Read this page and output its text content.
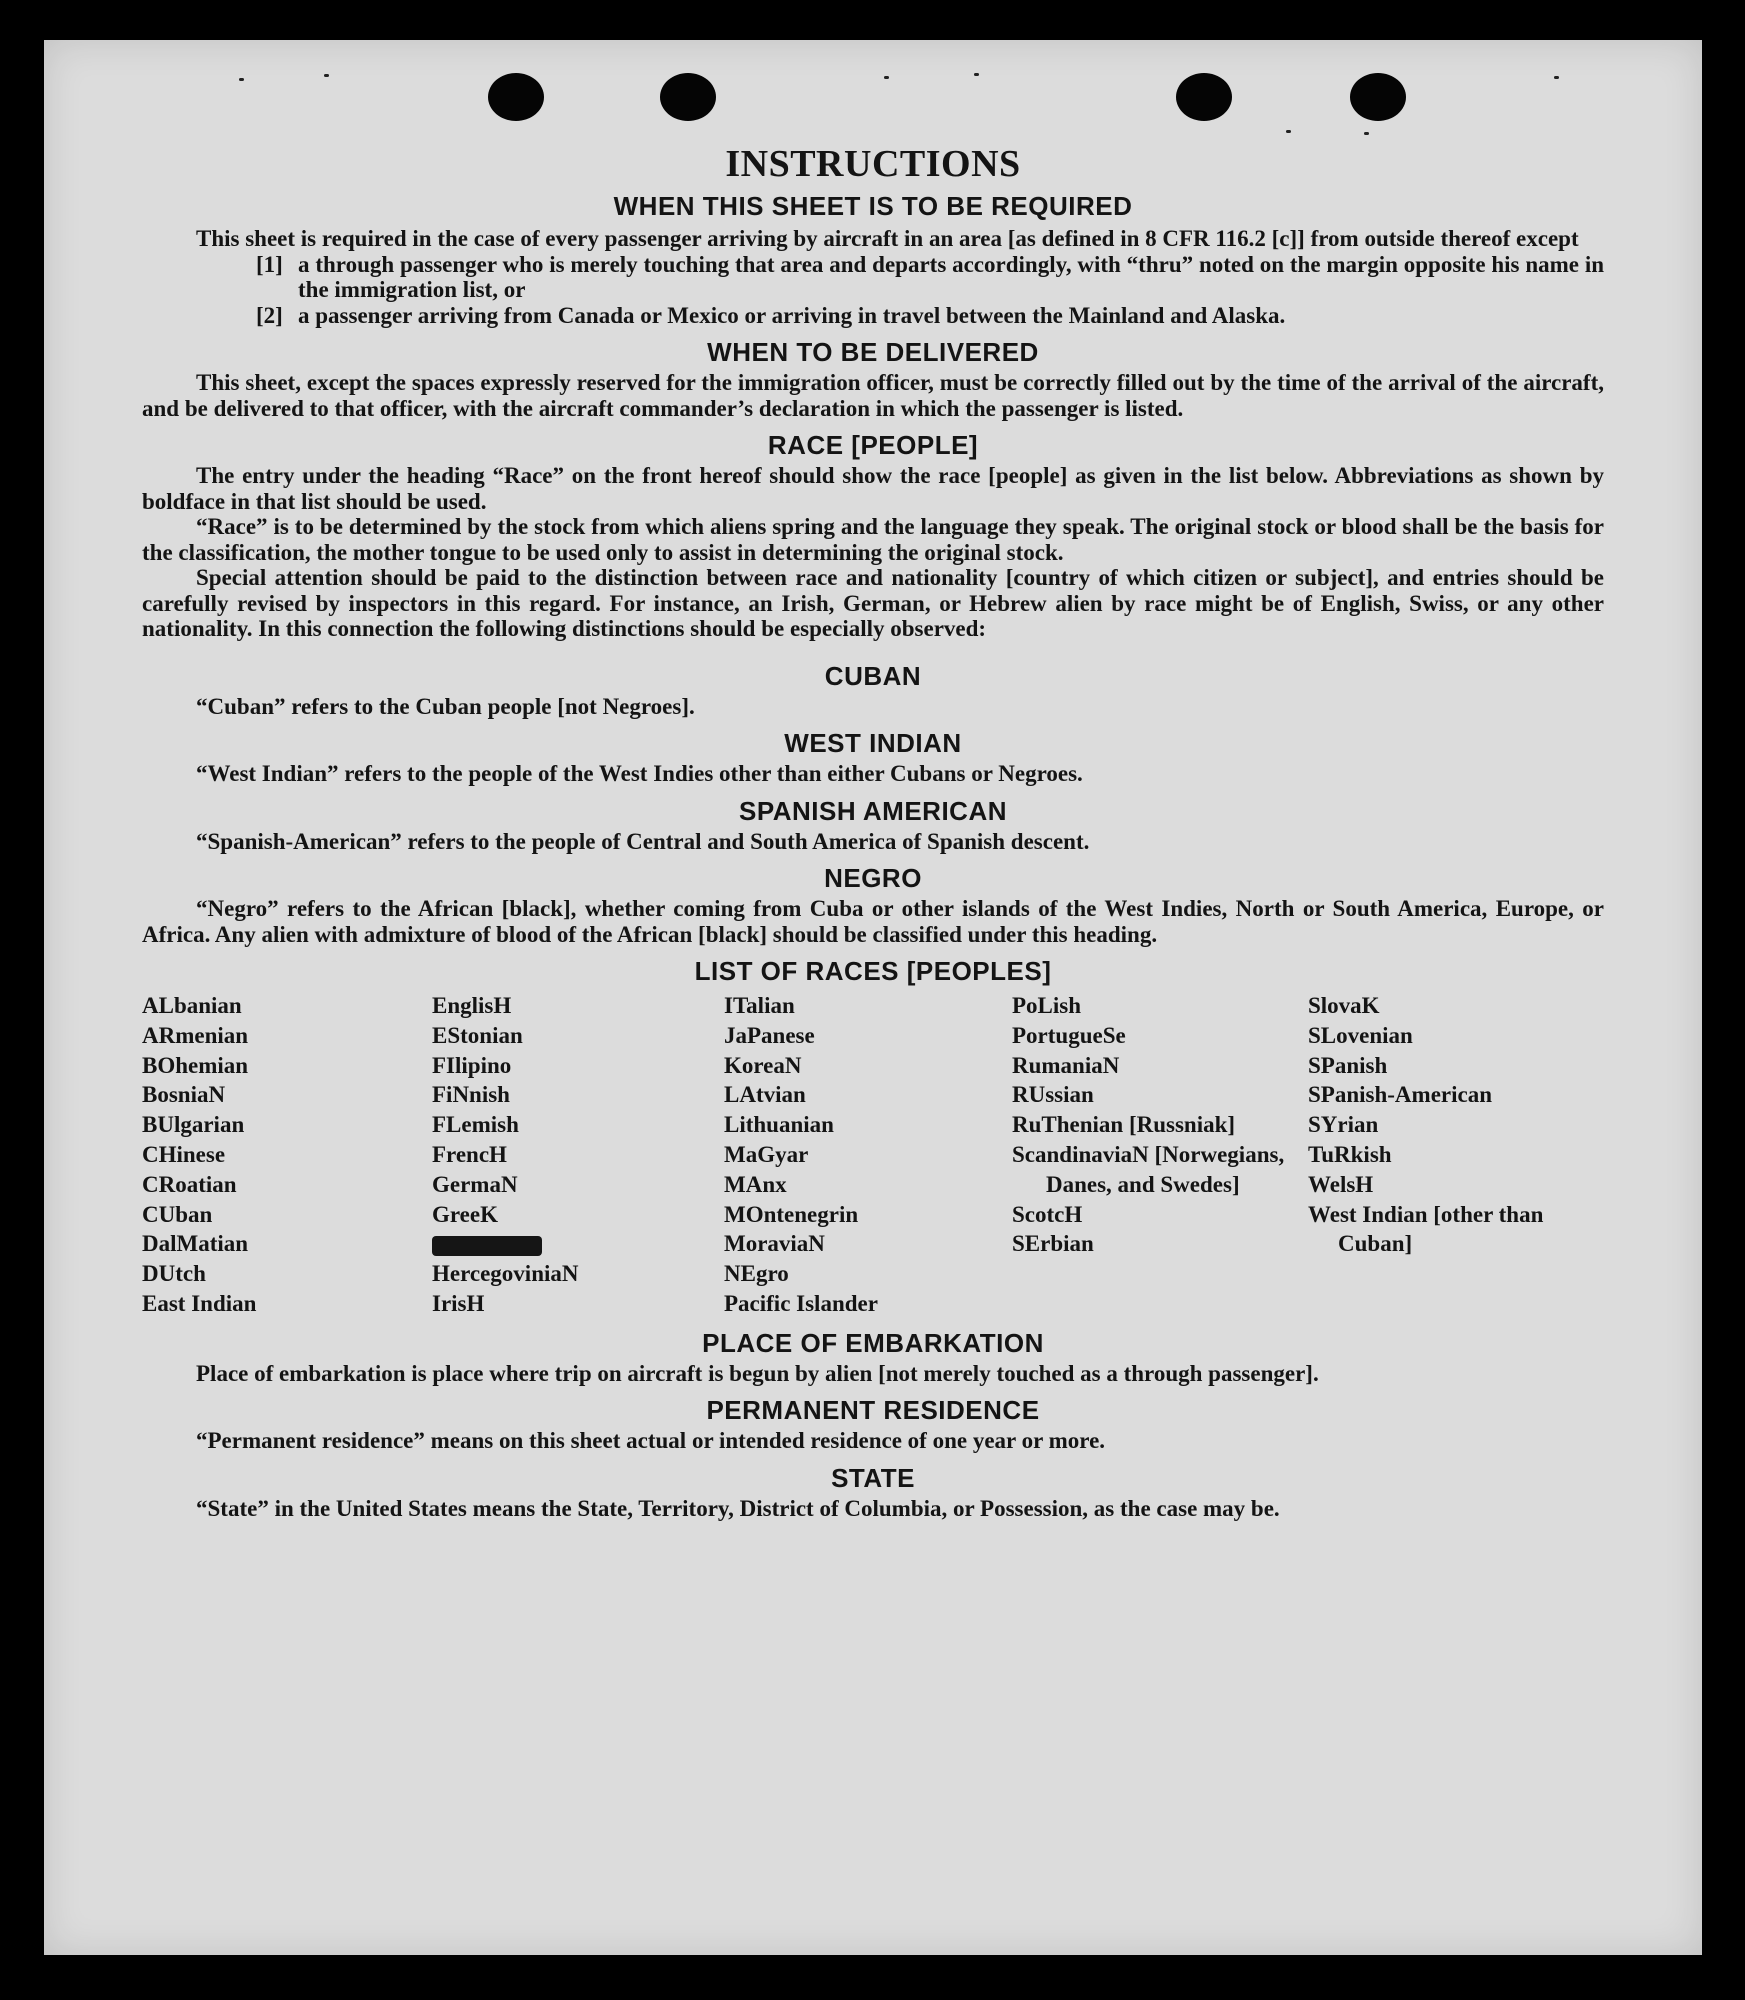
INSTRUCTIONS
WHEN THIS SHEET IS TO BE REQUIRED

This sheet is required in the case of every passenger arriving by aircraft in an area [as defined in 8 CFR 116.2 [c]] from outside thereof except

[1] a through passenger who is merely touching that area and departs accordingly, with “thru” noted on the margin opposite his name in the immigration list, or
[2] a passenger arriving from Canada or Mexico or arriving in travel between the Mainland and Alaska.
WHEN TO BE DELIVERED

This sheet, except the spaces expressly reserved for the immigration officer, must be correctly filled out by the time of the arrival of the aircraft, and be delivered to that officer, with the aircraft commander’s declaration in which the passenger is listed.

RACE [PEOPLE]

The entry under the heading “Race” on the front hereof should show the race [people] as given in the list below. Abbreviations as shown by boldface in that list should be used.

“Race” is to be determined by the stock from which aliens spring and the language they speak. The original stock or blood shall be the basis for the classification, the mother tongue to be used only to assist in determining the original stock.

Special attention should be paid to the distinction between race and nationality [country of which citizen or subject], and entries should be carefully revised by inspectors in this regard. For instance, an Irish, German, or Hebrew alien by race might be of English, Swiss, or any other nationality. In this connection the following distinctions should be especially observed:

CUBAN

“Cuban” refers to the Cuban people [not Negroes].

WEST INDIAN

“West Indian” refers to the people of the West Indies other than either Cubans or Negroes.

SPANISH AMERICAN

“Spanish-American” refers to the people of Central and South America of Spanish descent.

NEGRO

“Negro” refers to the African [black], whether coming from Cuba or other islands of the West Indies, North or South America, Europe, or Africa. Any alien with admixture of blood of the African [black] should be classified under this heading.

LIST OF RACES [PEOPLES]
ALbanian
ARmenian
BOhemian
BosniaN
BUlgarian
CHinese
CRoatian
CUban
DalMatian
DUtch
East Indian
EnglisH
EStonian
FIlipino
FiNnish
FLemish
FrencH
GermaN
GreeK
HercegoviniaN
IrisH
ITalian
JaPanese
KoreaN
LAtvian
Lithuanian
MaGyar
MAnx
MOntenegrin
MoraviaN
NEgro
Pacific Islander
PoLish
PortugueSe
RumaniaN
RUssian
RuThenian [Russniak]
ScandinaviaN [Norwegians, Danes, and Swedes]
ScotcH
SErbian
SlovaK
SLovenian
SPanish
SPanish-American
SYrian
TuRkish
WelsH
West Indian [other than Cuban]
PLACE OF EMBARKATION

Place of embarkation is place where trip on aircraft is begun by alien [not merely touched as a through passenger].

PERMANENT RESIDENCE

“Permanent residence” means on this sheet actual or intended residence of one year or more.

STATE

“State” in the United States means the State, Territory, District of Columbia, or Possession, as the case may be.
